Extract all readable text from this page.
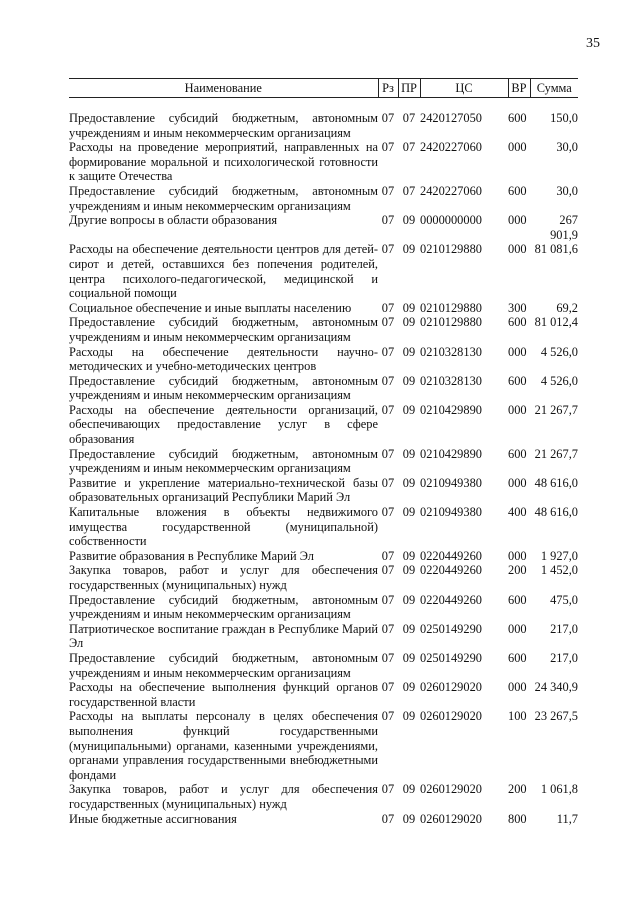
35
Наименование	Рз	ПР	ЦС	ВР	Сумма
Предоставление субсидий бюджетным, автономным учреждениям и иным некоммерческим организациям	07	07	2420127050	600	150,0
Расходы на проведение мероприятий, направленных на формирование моральной и психологической готовности к защите Отечества	07	07	2420227060	000	30,0
Предоставление субсидий бюджетным, автономным учреждениям и иным некоммерческим организациям	07	07	2420227060	600	30,0
Другие вопросы в области образования	07	09	0000000000	000	267 901,9
Расходы на обеспечение деятельности центров для детей-сирот и детей, оставшихся без попечения родителей, центра психолого-педагогической, медицинской и социальной помощи	07	09	0210129880	000	81 081,6
Социальное обеспечение и иные выплаты населению	07	09	0210129880	300	69,2
Предоставление субсидий бюджетным, автономным учреждениям и иным некоммерческим организациям	07	09	0210129880	600	81 012,4
Расходы на обеспечение деятельности научно-методических и учебно-методических центров	07	09	0210328130	000	4 526,0
Предоставление субсидий бюджетным, автономным учреждениям и иным некоммерческим организациям	07	09	0210328130	600	4 526,0
Расходы на обеспечение деятельности организаций, обеспечивающих предоставление услуг в сфере образования	07	09	0210429890	000	21 267,7
Предоставление субсидий бюджетным, автономным учреждениям и иным некоммерческим организациям	07	09	0210429890	600	21 267,7
Развитие и укрепление материально-технической базы образовательных организаций Республики Марий Эл	07	09	0210949380	000	48 616,0
Капитальные вложения в объекты недвижимого имущества государственной (муниципальной) собственности	07	09	0210949380	400	48 616,0
Развитие образования в Республике Марий Эл	07	09	0220449260	000	1 927,0
Закупка товаров, работ и услуг для обеспечения государственных (муниципальных) нужд	07	09	0220449260	200	1 452,0
Предоставление субсидий бюджетным, автономным учреждениям и иным некоммерческим организациям	07	09	0220449260	600	475,0
Патриотическое воспитание граждан в Республике Марий Эл	07	09	0250149290	000	217,0
Предоставление субсидий бюджетным, автономным учреждениям и иным некоммерческим организациям	07	09	0250149290	600	217,0
Расходы на обеспечение выполнения функций органов государственной власти	07	09	0260129020	000	24 340,9
Расходы на выплаты персоналу в целях обеспечения выполнения функций государственными (муниципальными) органами, казенными учреждениями, органами управления государственными внебюджетными фондами	07	09	0260129020	100	23 267,5
Закупка товаров, работ и услуг для обеспечения государственных (муниципальных) нужд	07	09	0260129020	200	1 061,8
Иные бюджетные ассигнования	07	09	0260129020	800	11,7
